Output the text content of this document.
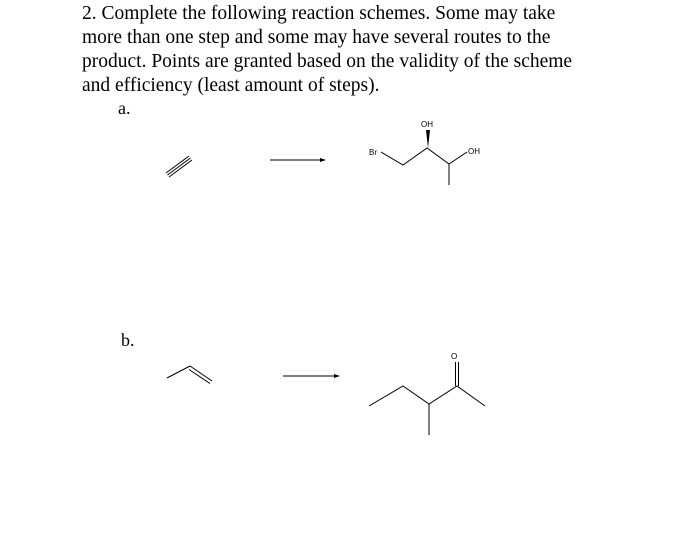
2. Complete the following reaction schemes. Some may take
more than one step and some may have several routes to the
product. Points are granted based on the validity of the scheme
and efficiency (least amount of steps).
a.
b.
OH
Br	OH
O
